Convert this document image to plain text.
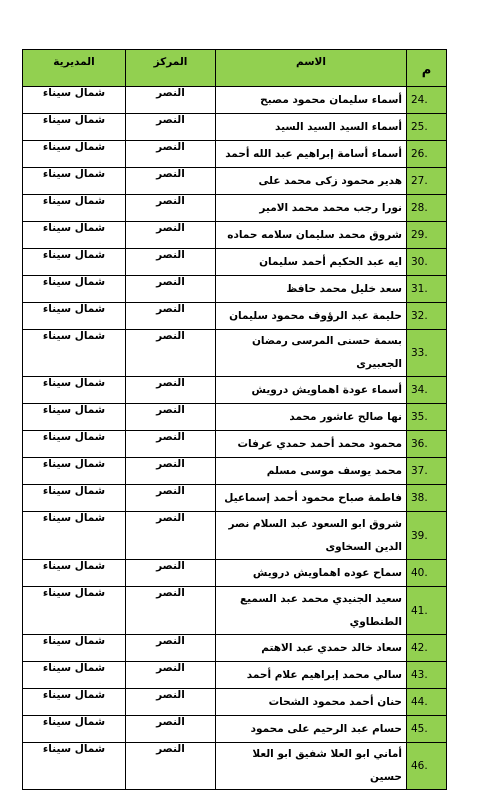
المديرية	المركز	الاسم	م
شمال سيناء	النصر	أسماء سليمان محمود مصبح	24.
شمال سيناء	النصر	أسماء السيد السيد السيد	25.
شمال سيناء	النصر	أسماء أسامة إبراهيم عبد الله أحمد	26.
شمال سيناء	النصر	هدير محمود زكى محمد على	27.
شمال سيناء	النصر	نورا رجب محمد محمد الامير	28.
شمال سيناء	النصر	شروق محمد سليمان سلامه حماده	29.
شمال سيناء	النصر	ايه عبد الحكيم أحمد سليمان	30.
شمال سيناء	النصر	سعد خليل محمد حافظ	31.
شمال سيناء	النصر	حليمة عبد الرؤوف محمود سليمان	32.
شمال سيناء	النصر	بسمة حسنى المرسى رمضان الجعبيرى	33.
شمال سيناء	النصر	أسماء عودة اهماويش درويش	34.
شمال سيناء	النصر	نها صالح عاشور محمد	35.
شمال سيناء	النصر	محمود محمد أحمد حمدي عرفات	36.
شمال سيناء	النصر	محمد يوسف موسى مسلم	37.
شمال سيناء	النصر	فاطمة صباح محمود أحمد إسماعيل	38.
شمال سيناء	النصر	شروق ابو السعود عبد السلام نصر الدين السخاوى	39.
شمال سيناء	النصر	سماح عوده اهماويش درويش	40.
شمال سيناء	النصر	سعيد الجنيدي محمد عبد السميع الطنطاوي	41.
شمال سيناء	النصر	سعاد خالد حمدي عبد الاهتم	42.
شمال سيناء	النصر	سالي محمد إبراهيم علام أحمد	43.
شمال سيناء	النصر	حنان أحمد محمود الشحات	44.
شمال سيناء	النصر	حسام عبد الرحيم على محمود	45.
شمال سيناء	النصر	أماني ابو العلا شفيق ابو العلا حسين	46.
